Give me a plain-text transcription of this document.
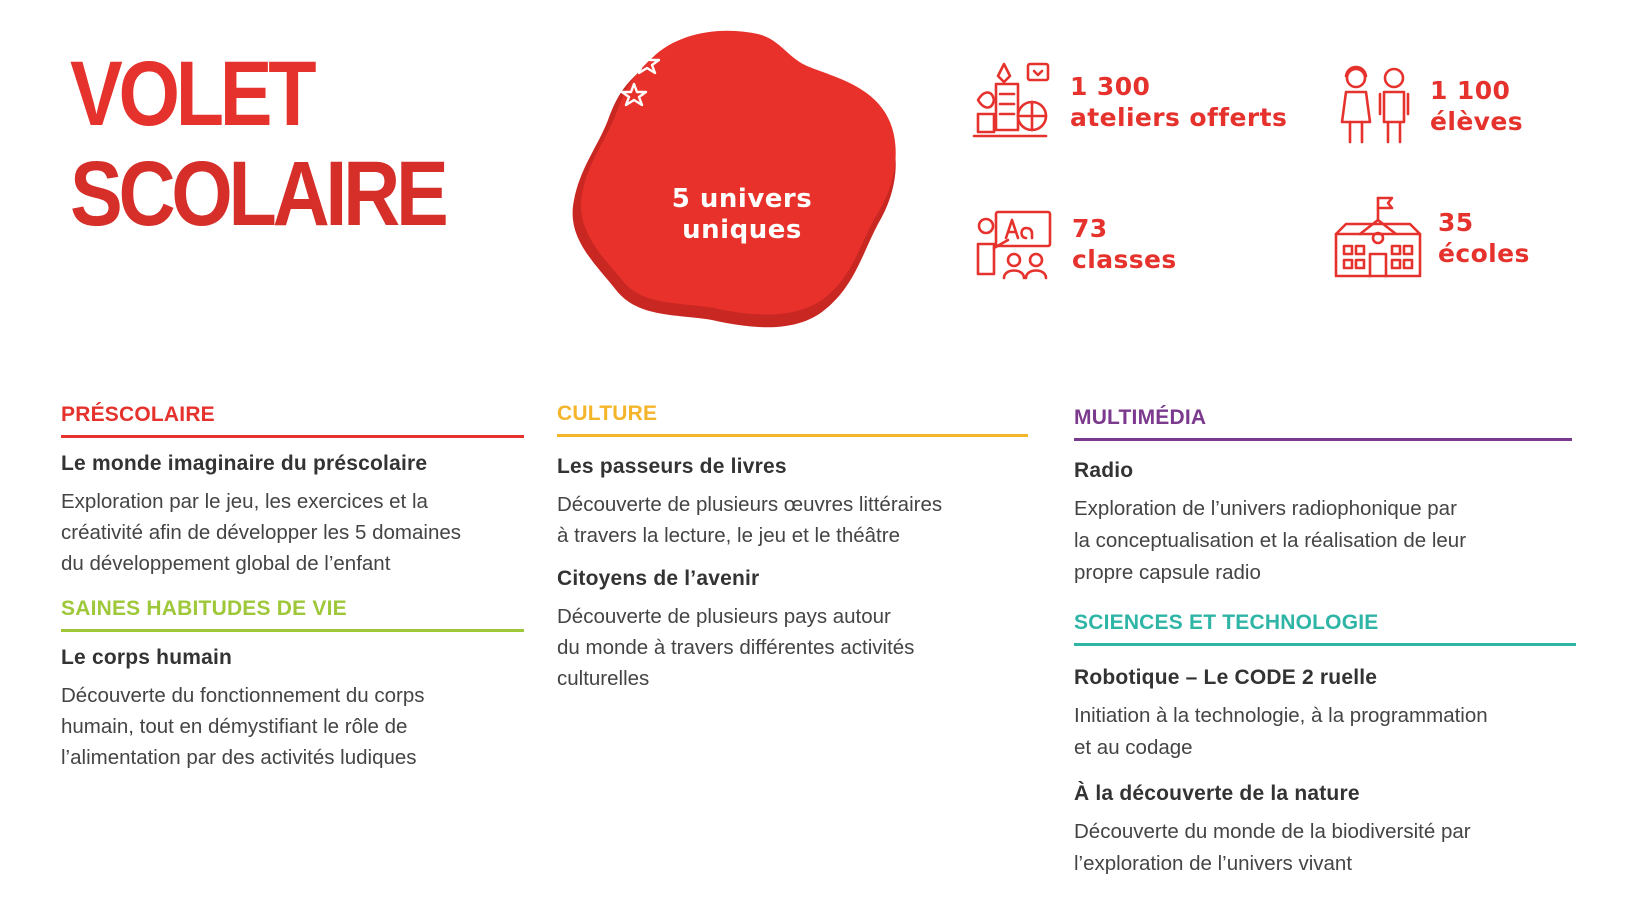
VOLET
SCOLAIRE	5 univers
uniques
1 300
ateliers offerts
1 100
élèves
73
classes
35
écoles
PRÉSCOLAIRE
Le monde imaginaire du préscolaire

Exploration par le jeu, les exercices et la
créativité afin de développer les 5 domaines
du développement global de l’enfant

SAINES HABITUDES DE VIE
Le corps humain

Découverte du fonctionnement du corps
humain, tout en démystifiant le rôle de
l’alimentation par des activités ludiques

CULTURE
Les passeurs de livres

Découverte de plusieurs œuvres littéraires
à travers la lecture, le jeu et le théâtre

Citoyens de l’avenir

Découverte de plusieurs pays autour
du monde à travers différentes activités
culturelles

MULTIMÉDIA
Radio

Exploration de l’univers radiophonique par
la conceptualisation et la réalisation de leur
propre capsule radio

SCIENCES ET TECHNOLOGIE
Robotique – Le CODE 2 ruelle

Initiation à la technologie, à la programmation
et au codage

À la découverte de la nature

Découverte du monde de la biodiversité par
l’exploration de l’univers vivant
